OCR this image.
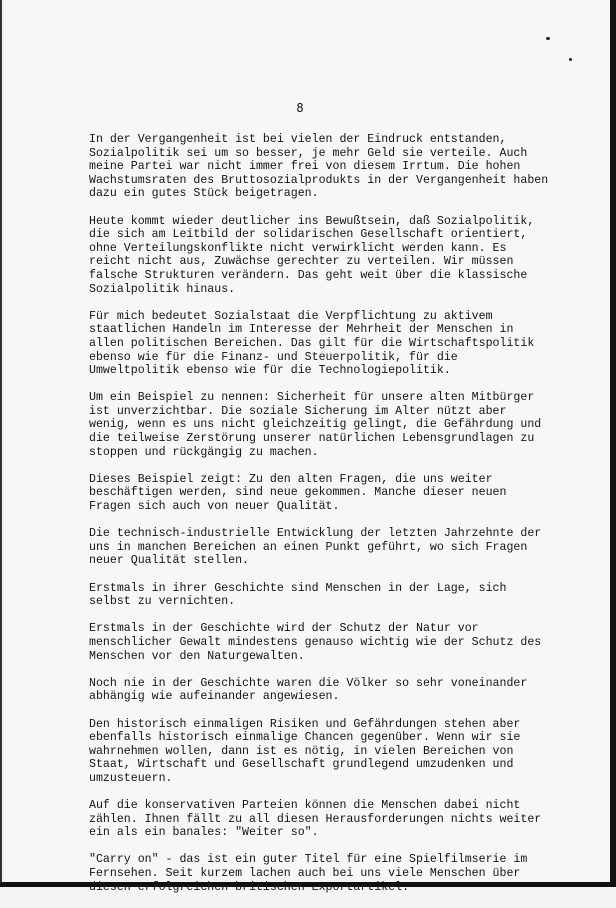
8

In der Vergangenheit ist bei vielen der Eindruck entstanden,
Sozialpolitik sei um so besser, je mehr Geld sie verteile. Auch
meine Partei war nicht immer frei von diesem Irrtum. Die hohen
Wachstumsraten des Bruttosozialprodukts in der Vergangenheit haben
dazu ein gutes Stück beigetragen.

Heute kommt wieder deutlicher ins Bewußtsein, daß Sozialpolitik,
die sich am Leitbild der solidarischen Gesellschaft orientiert,
ohne Verteilungskonflikte nicht verwirklicht werden kann. Es
reicht nicht aus, Zuwächse gerechter zu verteilen. Wir müssen
falsche Strukturen verändern. Das geht weit über die klassische
Sozialpolitik hinaus.

Für mich bedeutet Sozialstaat die Verpflichtung zu aktivem
staatlichen Handeln im Interesse der Mehrheit der Menschen in
allen politischen Bereichen. Das gilt für die Wirtschaftspolitik
ebenso wie für die Finanz- und Steuerpolitik, für die
Umweltpolitik ebenso wie für die Technologiepolitik.

Um ein Beispiel zu nennen: Sicherheit für unsere alten Mitbürger
ist unverzichtbar. Die soziale Sicherung im Alter nützt aber
wenig, wenn es uns nicht gleichzeitig gelingt, die Gefährdung und
die teilweise Zerstörung unserer natürlichen Lebensgrundlagen zu
stoppen und rückgängig zu machen.

Dieses Beispiel zeigt: Zu den alten Fragen, die uns weiter
beschäftigen werden, sind neue gekommen. Manche dieser neuen
Fragen sich auch von neuer Qualität.

Die technisch-industrielle Entwicklung der letzten Jahrzehnte der
uns in manchen Bereichen an einen Punkt geführt, wo sich Fragen
neuer Qualität stellen.

Erstmals in ihrer Geschichte sind Menschen in der Lage, sich
selbst zu vernichten.

Erstmals in der Geschichte wird der Schutz der Natur vor
menschlicher Gewalt mindestens genauso wichtig wie der Schutz des
Menschen vor den Naturgewalten.

Noch nie in der Geschichte waren die Völker so sehr voneinander
abhängig wie aufeinander angewiesen.

Den historisch einmaligen Risiken und Gefährdungen stehen aber
ebenfalls historisch einmalige Chancen gegenüber. Wenn wir sie
wahrnehmen wollen, dann ist es nötig, in vielen Bereichen von
Staat, Wirtschaft und Gesellschaft grundlegend umzudenken und
umzusteuern.

Auf die konservativen Parteien können die Menschen dabei nicht
zählen. Ihnen fällt zu all diesen Herausforderungen nichts weiter
ein als ein banales: "Weiter so".

"Carry on" - das ist ein guter Titel für eine Spielfilmserie im
Fernsehen. Seit kurzem lachen auch bei uns viele Menschen über
diesen erfolgreichen britischen Exportartikel.
